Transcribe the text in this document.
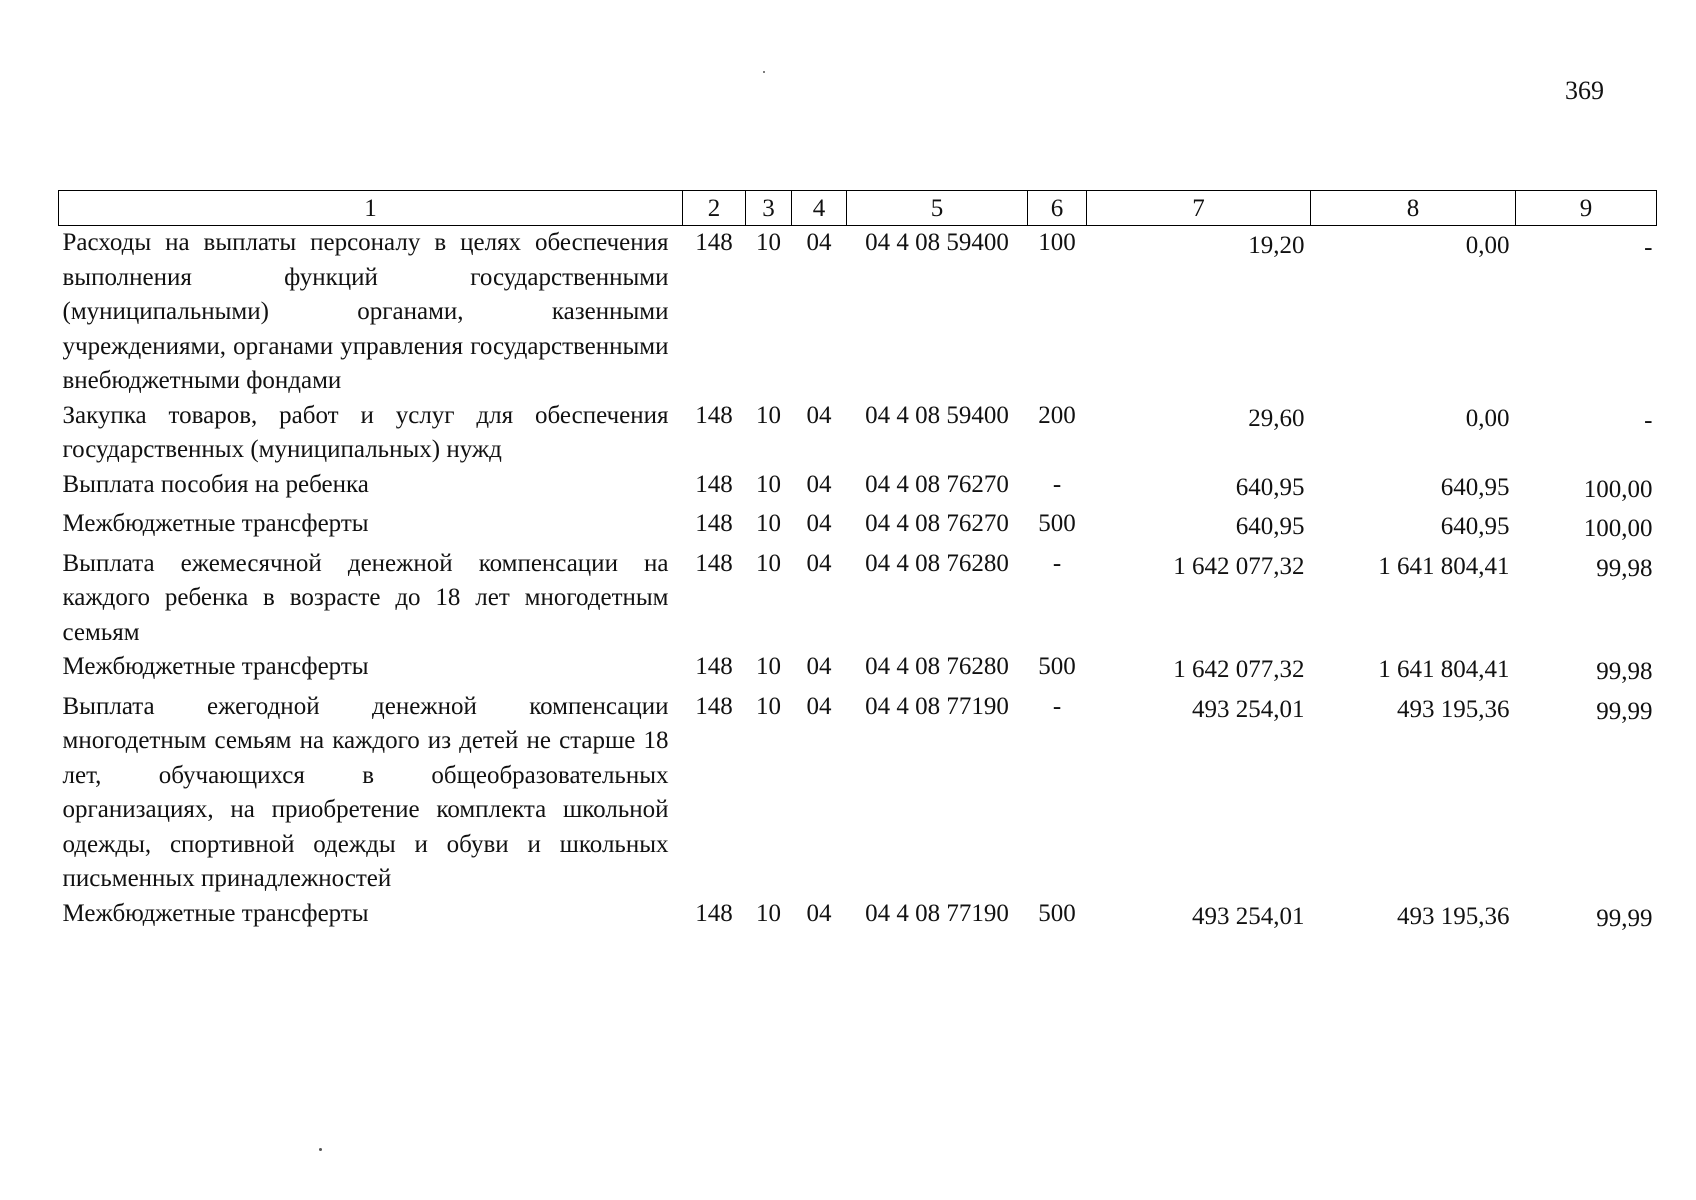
369
1	2	3	4	5	6	7	8	9
Расходы на выплаты персоналу в целях обеспечения выполнения функций государственными (муниципальными) органами, казенными учреждениями, органами управления государственными внебюджетными фондами	148	10	04	04 4 08 59400	100	19,20	0,00	-
Закупка товаров, работ и услуг для обеспечения государственных (муниципальных) нужд	148	10	04	04 4 08 59400	200	29,60	0,00	-
Выплата пособия на ребенка	148	10	04	04 4 08 76270	-	640,95	640,95	100,00
Межбюджетные трансферты	148	10	04	04 4 08 76270	500	640,95	640,95	100,00
Выплата ежемесячной денежной компенсации на каждого ребенка в возрасте до 18 лет многодетным семьям	148	10	04	04 4 08 76280	-	1 642 077,32	1 641 804,41	99,98
Межбюджетные трансферты	148	10	04	04 4 08 76280	500	1 642 077,32	1 641 804,41	99,98
Выплата ежегодной денежной компенсации многодетным семьям на каждого из детей не старше 18 лет, обучающихся в общеобразовательных организациях, на приобретение комплекта школьной одежды, спортивной одежды и обуви и школьных письменных принадлежностей	148	10	04	04 4 08 77190	-	493 254,01	493 195,36	99,99
Межбюджетные трансферты	148	10	04	04 4 08 77190	500	493 254,01	493 195,36	99,99
